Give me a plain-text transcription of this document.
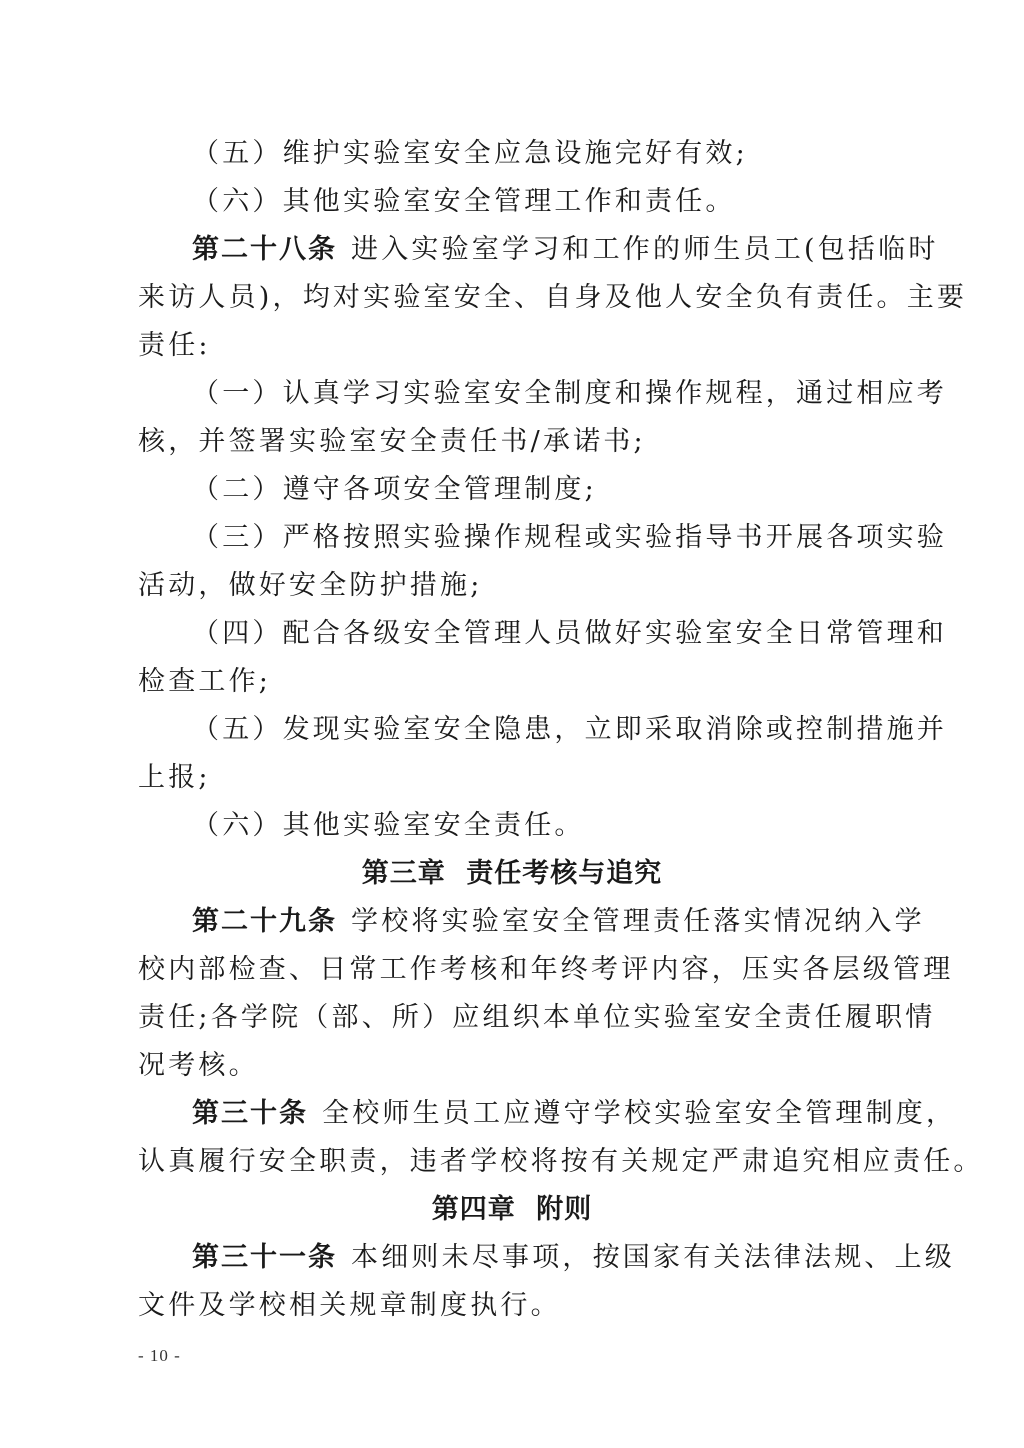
（五）维护实验室安全应急设施完好有效;
（六）其他实验室安全管理工作和责任。
第二十八条 进入实验室学习和工作的师生员工(包括临时
来访人员)，均对实验室安全、自身及他人安全负有责任。主要
责任:
（一）认真学习实验室安全制度和操作规程，通过相应考
核，并签署实验室安全责任书/承诺书;
（二）遵守各项安全管理制度;
（三）严格按照实验操作规程或实验指导书开展各项实验
活动，做好安全防护措施;
（四）配合各级安全管理人员做好实验室安全日常管理和
检查工作;
（五）发现实验室安全隐患，立即采取消除或控制措施并
上报;
（六）其他实验室安全责任。
第三章 责任考核与追究
第二十九条 学校将实验室安全管理责任落实情况纳入学
校内部检查、日常工作考核和年终考评内容，压实各层级管理
责任;各学院（部、所）应组织本单位实验室安全责任履职情
况考核。
第三十条 全校师生员工应遵守学校实验室安全管理制度，
认真履行安全职责，违者学校将按有关规定严肃追究相应责任。
第四章 附则
第三十一条 本细则未尽事项，按国家有关法律法规、上级
文件及学校相关规章制度执行。
- 10 -
